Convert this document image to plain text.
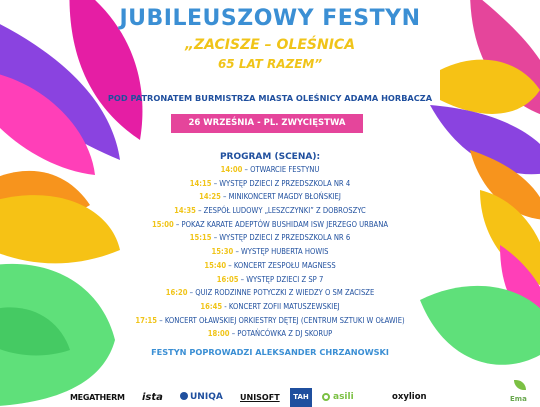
JUBILEUSZOWY FESTYN
„ZACISZE – OLEŚNICA
65 LAT RAZEM”
POD PATRONATEM BURMISTRZA MIASTA OLEŚNICY ADAMA HORBACZA
26 WRZEŚNIA - PL. ZWYCIĘSTWA
PROGRAM (SCENA):
14:00 – OTWARCIE FESTYNU
14:15 – WYSTĘP DZIECI Z PRZEDSZKOLA NR 4
14:25 – MINIKONCERT MAGDY BŁOŃSKIEJ
14:35 – ZESPÓŁ LUDOWY „LESZCZYNKI” Z DOBROSZYC
15:00 – POKAZ KARATE ADEPTÓW BUSHIDAM ISW JERZEGO URBANA
15:15 – WYSTĘP DZIECI Z PRZEDSZKOLA NR 6
15:30 – WYSTĘP HUBERTA HOWIS
15:40 – KONCERT ZESPOŁU MAGNESS
16:05 – WYSTĘP DZIECI Z SP 7
16:20 – QUIZ RODZINNE POTYCZKI Z WIEDZY O SM ZACISZE
16:45 - KONCERT ZOFII MATUSZEWSKIEJ
17:15 – KONCERT OŁAWSKIEJ ORKIESTRY DĘTEJ (CENTRUM SZTUKI W OŁAWIE)
18:00 – POTAŃCÓWKA Z DJ SKORUP
FESTYN POPROWADZI ALEKSANDER CHRZANOWSKI
MEGATHERM ista	UNIQA UNISOFT	TAH	asili	oxylion	Ema
